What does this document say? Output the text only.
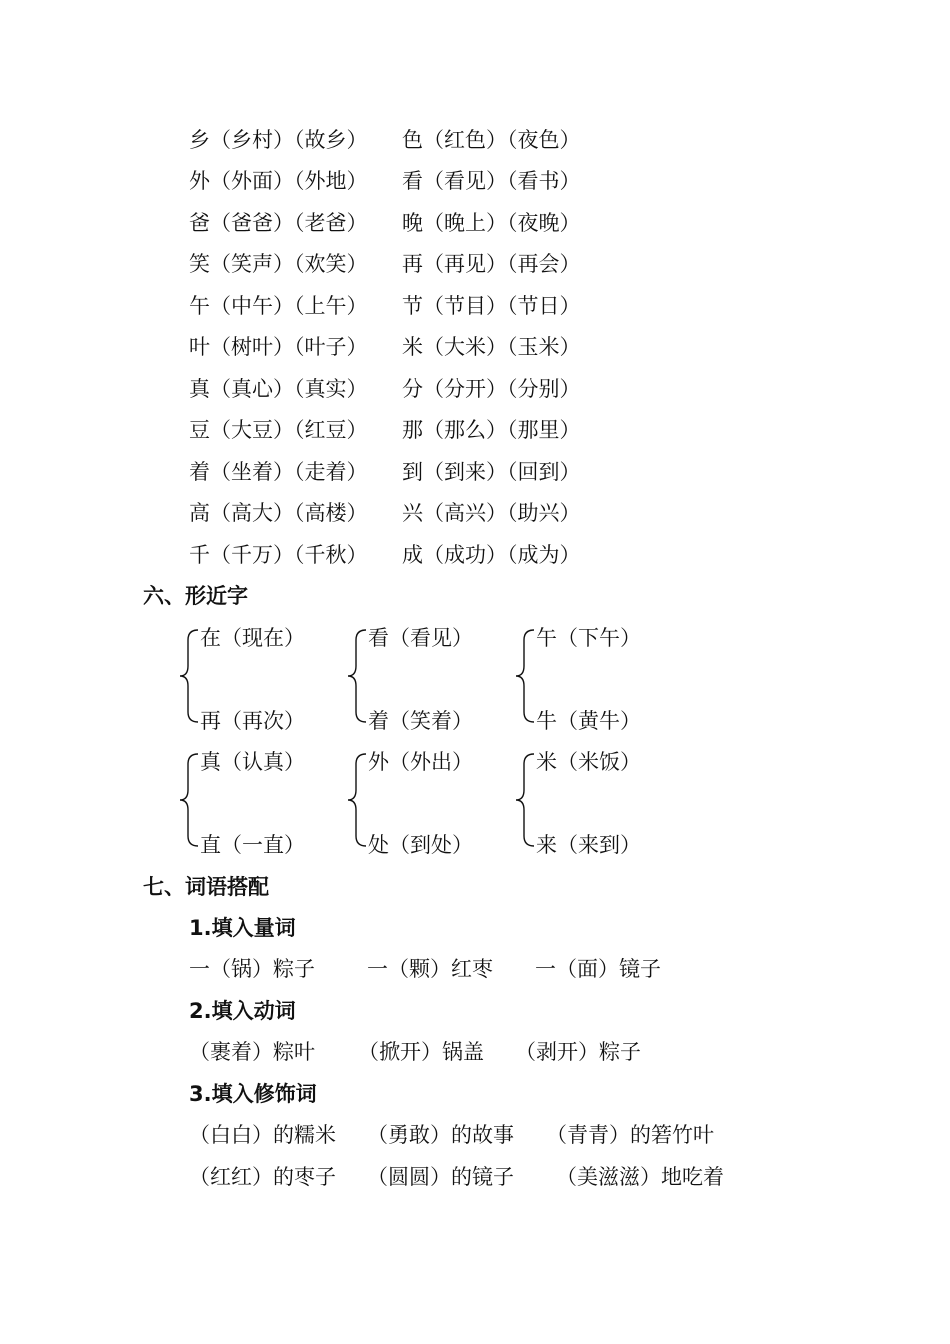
乡（乡村）（故乡） 色（红色）（夜色）
外（外面）（外地） 看（看见）（看书）
爸（爸爸）（老爸） 晚（晚上）（夜晚）
笑（笑声）（欢笑） 再（再见）（再会）
午（中午）（上午） 节（节目）（节日）
叶（树叶）（叶子） 米（大米）（玉米）
真（真心）（真实） 分（分开）（分别）
豆（大豆）（红豆） 那（那么）（那里）
着（坐着）（走着） 到（到来）（回到）
高（高大）（高楼） 兴（高兴）（助兴）
千（千万）（千秋） 成（成功）（成为）
六、形近字
在（现在）
再（再次）
看（看见）
着（笑着）
午（下午）
牛（黄牛）
真（认真）
直（一直）
外（外出）
处（到处）
米（米饭）
来（来到）
七、词语搭配
1.填入量词
一（锅）粽子 一（颗）红枣 一（面）镜子
2.填入动词
（裹着）粽叶 （掀开）锅盖 （剥开）粽子
3.填入修饰词
（白白）的糯米 （勇敢）的故事 （青青）的箬竹叶
（红红）的枣子 （圆圆）的镜子 （美滋滋）地吃着
